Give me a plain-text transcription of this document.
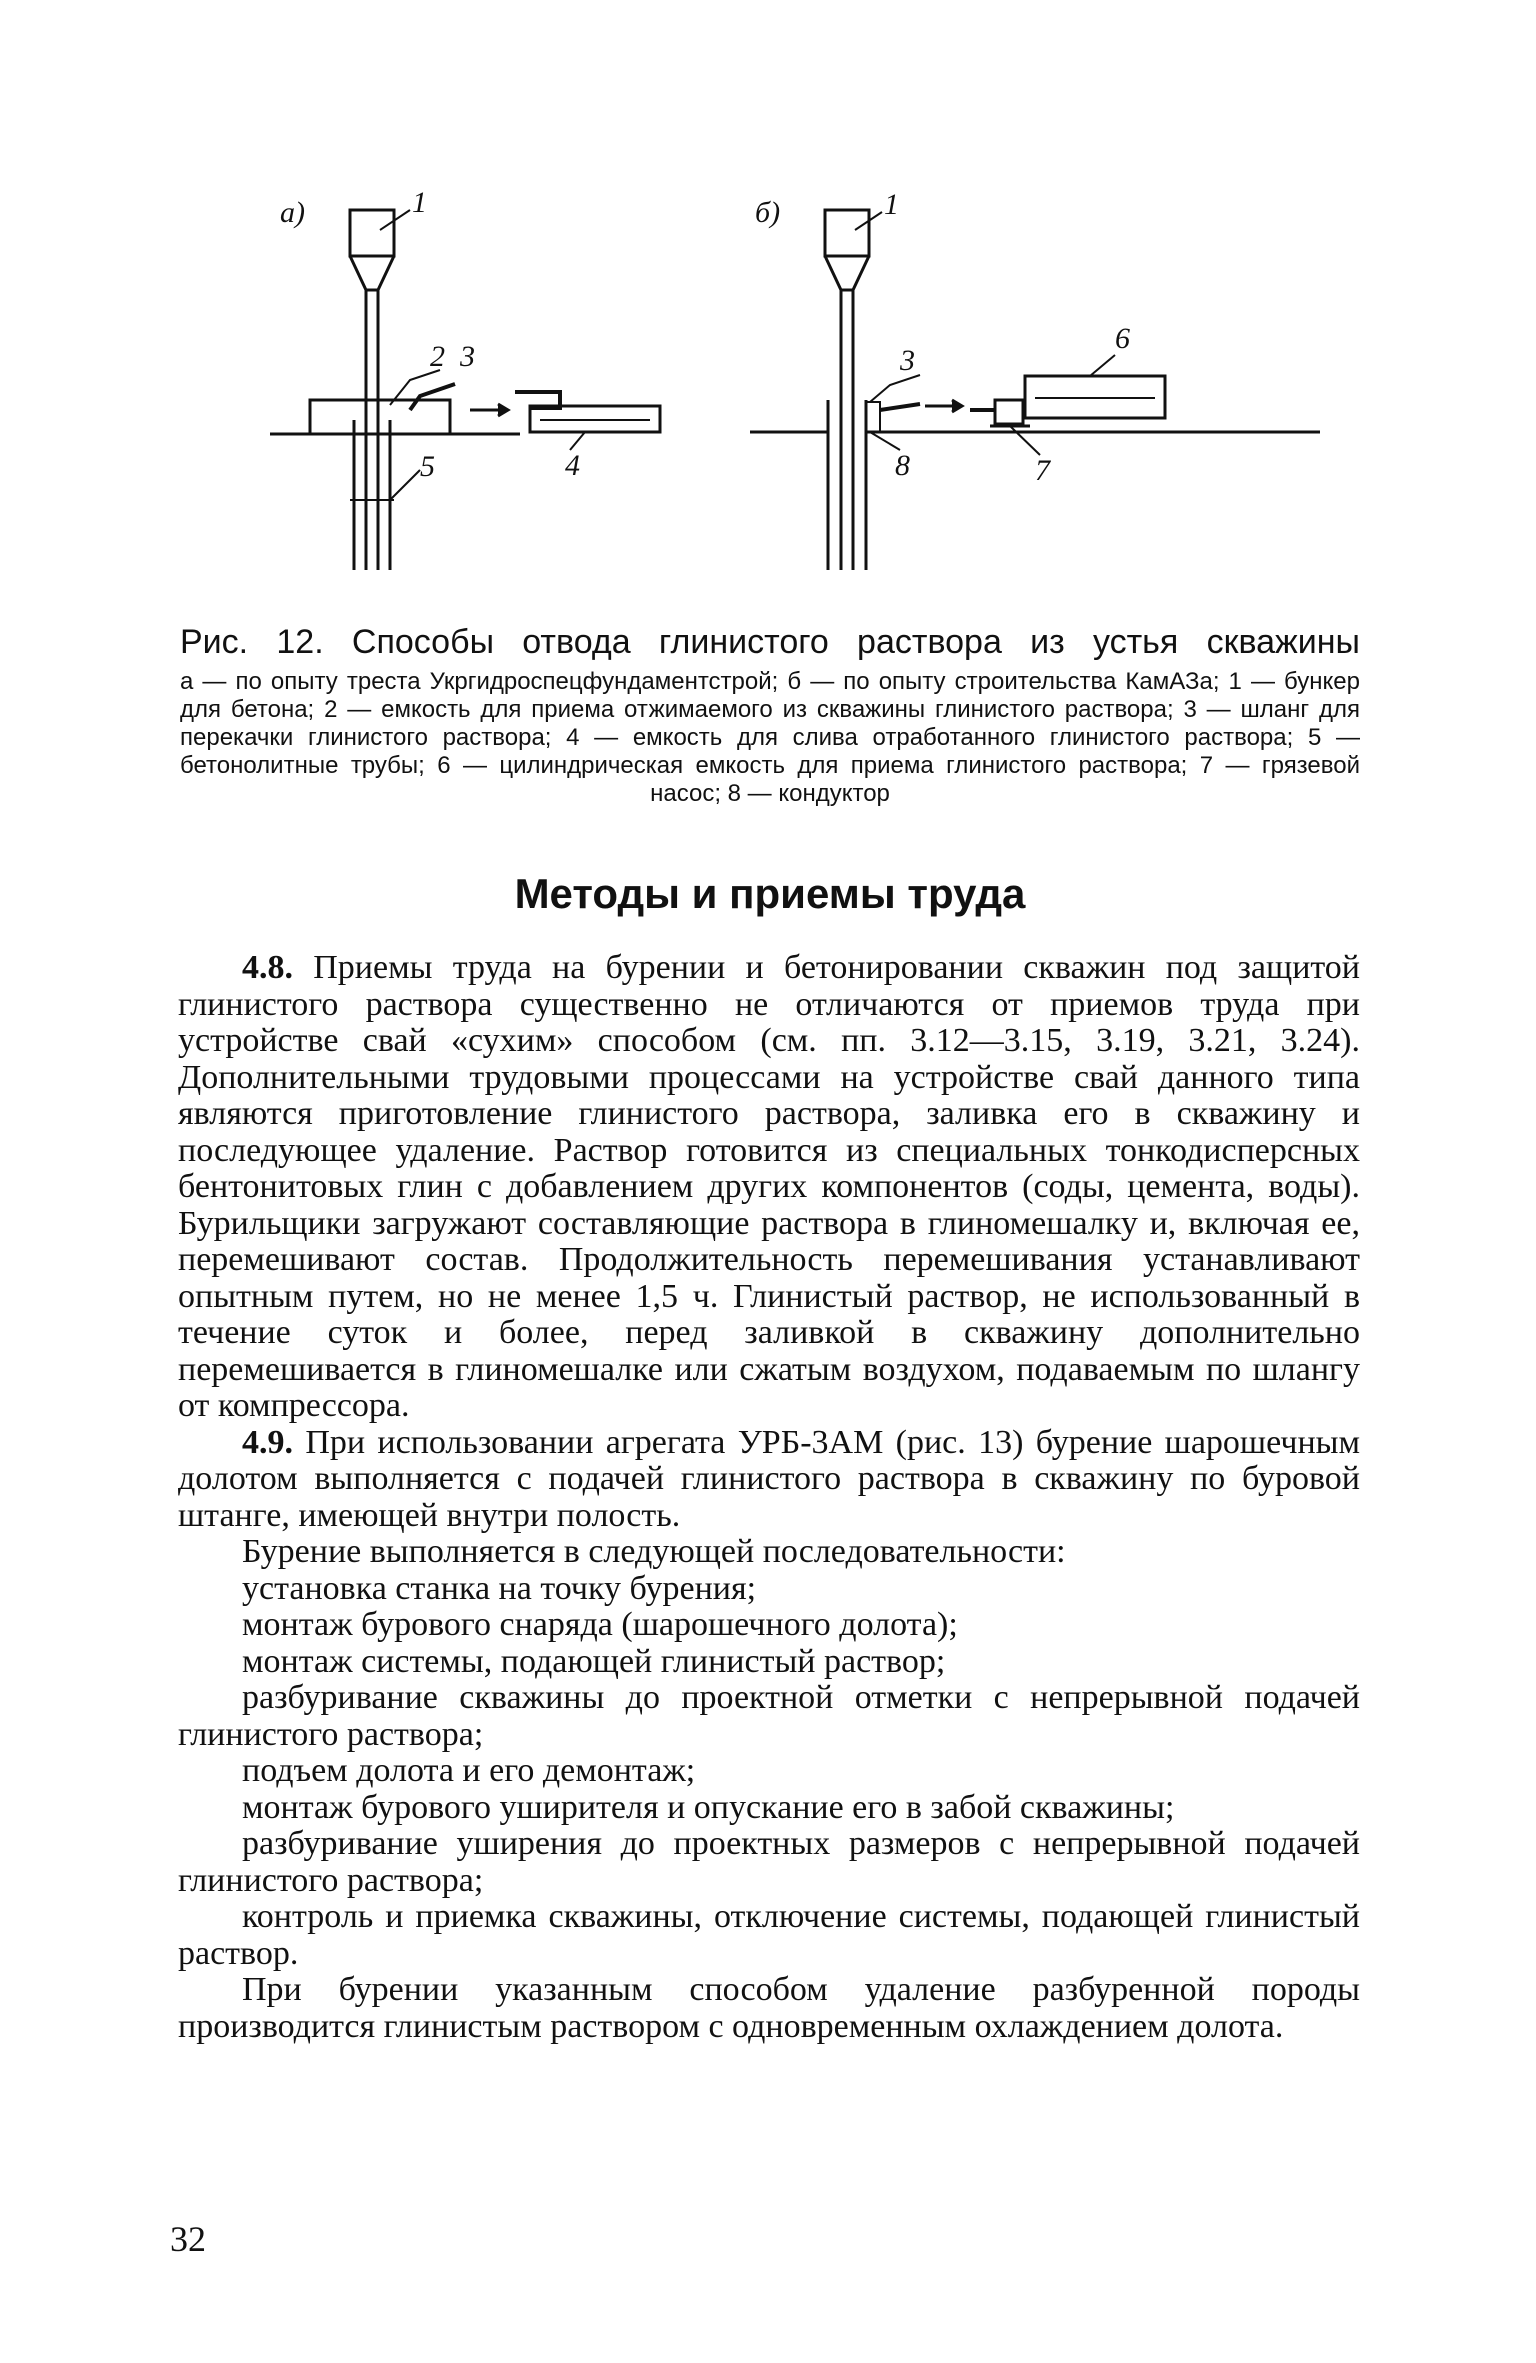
а)	1
5
2 3
4
б)	1
8
3
7
6

Рис. 12. Способы отвода глинистого раствора из устья скважины

а — по опыту треста Укргидроспецфундаментстрой; б — по опыту строительства КамАЗа; 1 — бункер для бетона; 2 — емкость для приема отжимаемого из скважины глинистого раствора; 3 — шланг для перекачки глинистого раствора; 4 — емкость для слива отработанного глинистого раствора; 5 — бетонолитные трубы; 6 — цилиндрическая емкость для приема глинистого раствора; 7 — грязевой насос; 8 — кондуктор

Методы и приемы труда

4.8. Приемы труда на бурении и бетонировании скважин под защитой глинистого раствора существенно не отличаются от приемов труда при устройстве свай «сухим» способом (см. пп. 3.12—3.15, 3.19, 3.21, 3.24). Дополнительными трудовыми процессами на устройстве свай данного типа являются приготовление глинистого раствора, заливка его в скважину и последующее удаление. Раствор готовится из специальных тонкодисперсных бентонитовых глин с добавлением других компонентов (соды, цемента, воды). Бурильщики загружают составляющие раствора в глиномешалку и, включая ее, перемешивают состав. Продолжительность перемешивания устанавливают опытным путем, но не менее 1,5 ч. Глинистый раствор, не использованный в течение суток и более, перед заливкой в скважину дополнительно перемешивается в глиномешалке или сжатым воздухом, подаваемым по шлангу от компрессора.

4.9. При использовании агрегата УРБ-3АМ (рис. 13) бурение шарошечным долотом выполняется с подачей глинистого раствора в скважину по буровой штанге, имеющей внутри полость.

Бурение выполняется в следующей последовательности:

установка станка на точку бурения;

монтаж бурового снаряда (шарошечного долота);

монтаж системы, подающей глинистый раствор;

разбуривание скважины до проектной отметки с непрерывной подачей глинистого раствора;

подъем долота и его демонтаж;

монтаж бурового уширителя и опускание его в забой скважины;

разбуривание уширения до проектных размеров с непрерывной подачей глинистого раствора;

контроль и приемка скважины, отключение системы, подающей глинистый раствор.

При бурении указанным способом удаление разбуренной породы производится глинистым раствором с одновременным охлаждением долота.

32
